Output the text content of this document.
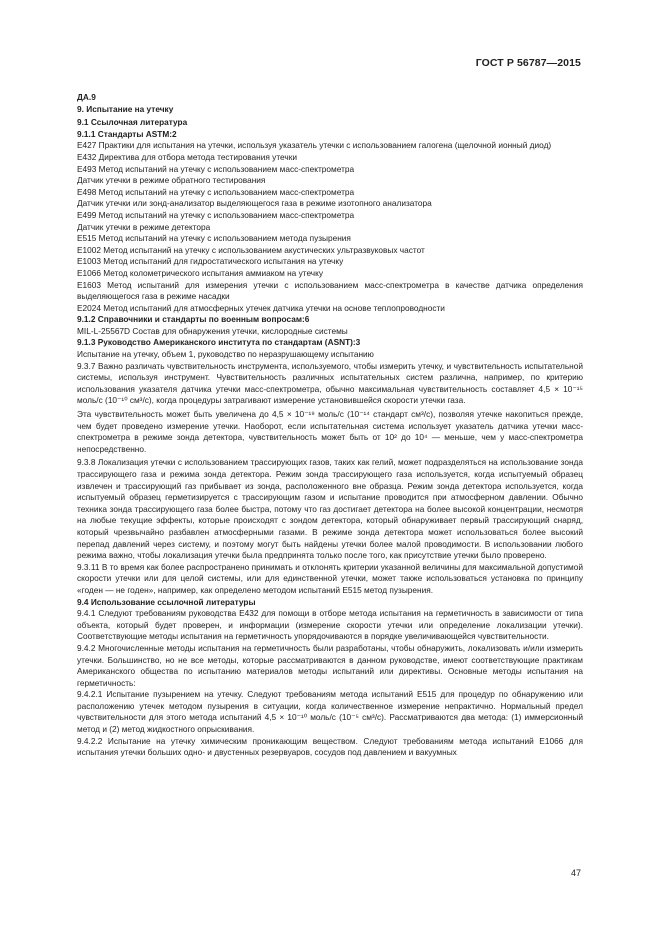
ГОСТ Р 56787—2015

ДА.9

9. Испытание на утечку

9.1 Ссылочная литература

9.1.1 Стандарты ASTM:2

E427 Практики для испытания на утечки, используя указатель утечки с использованием галогена (щелочной ионный диод)

E432 Директива для отбора метода тестирования утечки

E493 Метод испытаний на утечку с использованием масс-спектрометра

Датчик утечки в режиме обратного тестирования

E498 Метод испытаний на утечку с использованием масс-спектрометра

Датчик утечки или зонд-анализатор выделяющегося газа в режиме изотопного анализатора

E499 Метод испытаний на утечку с использованием масс-спектрометра

Датчик утечки в режиме детектора

E515 Метод испытаний на утечку с использованием метода пузырения

E1002 Метод испытаний на утечку с использованием акустических ультразвуковых частот

E1003 Метод испытаний для гидростатического испытания на утечку

E1066 Метод колометрического испытания аммиаком на утечку

E1603 Метод испытаний для измерения утечки с использованием масс-спектрометра в качестве датчика определения выделяющегося газа в режиме насадки

E2024 Метод испытаний для атмосферных утечек датчика утечки на основе теплопроводности

9.1.2 Справочники и стандарты по военным вопросам:6

MIL-L-25567D Состав для обнаружения утечки, кислородные системы

9.1.3 Руководство Американского института по стандартам (ASNT):3

Испытание на утечку, объем 1, руководство по неразрушающему испытанию

9.3.7 Важно различать чувствительность инструмента, используемого, чтобы измерить утечку, и чувствительность испытательной системы, используя инструмент. Чувствительность различных испытательных систем различна, например, по критерию использования указателя датчика утечки масс-спектрометра, обычно максимальная чувствительность составляет 4,5 × 10⁻¹⁵ моль/с (10⁻¹⁰ см³/с), когда процедуры затрагивают измерение установившейся скорости утечки газа.

Эта чувствительность может быть увеличена до 4,5 × 10⁻¹⁹ моль/с (10⁻¹⁴ стандарт см³/с), позволяя утечке накопиться прежде, чем будет проведено измерение утечки. Наоборот, если испытательная система использует указатель датчика утечки масс-спектрометра в режиме зонда детектора, чувствительность может быть от 10² до 10⁴ — меньше, чем у масс-спектрометра непосредственно.

9.3.8 Локализация утечки с использованием трассирующих газов, таких как гелий, может подразделяться на использование зонда трассирующего газа и режима зонда детектора. Режим зонда трассирующего газа используется, когда испытуемый образец извлечен и трассирующий газ прибывает из зонда, расположенного вне образца. Режим зонда детектора используется, когда испытуемый образец герметизируется с трассирующим газом и испытание проводится при атмосферном давлении. Обычно техника зонда трассирующего газа более быстра, потому что газ достигает детектора на более высокой концентрации, несмотря на любые текущие эффекты, которые происходят с зондом детектора, который обнаруживает первый трассирующий снаряд, который чрезвычайно разбавлен атмосферными газами. В режиме зонда детектора может использоваться более высокий перепад давлений через систему, и поэтому могут быть найдены утечки более малой проводимости. В использовании любого режима важно, чтобы локализация утечки была предпринята только после того, как присутствие утечки было проверено.

9.3.11 В то время как более распространено принимать и отклонять критерии указанной величины для максимальной допустимой скорости утечки или для целой системы, или для единственной утечки, может также использоваться установка по принципу «годен — не годен», например, как определено методом испытаний E515 метод пузырения.

9.4 Использование ссылочной литературы

9.4.1 Следуют требованиям руководства E432 для помощи в отборе метода испытания на герметичность в зависимости от типа объекта, который будет проверен, и информации (измерение скорости утечки или определение локализации утечки). Соответствующие методы испытания на герметичность упорядочиваются в порядке увеличивающейся чувствительности.

9.4.2 Многочисленные методы испытания на герметичность были разработаны, чтобы обнаружить, локализовать и/или измерить утечки. Большинство, но не все методы, которые рассматриваются в данном руководстве, имеют соответствующие практикам Американского общества по испытанию материалов методы испытаний или директивы. Основные методы испытания на герметичность:

9.4.2.1 Испытание пузырением на утечку. Следуют требованиям метода испытаний E515 для процедур по обнаружению или расположению утечек методом пузырения в ситуации, когда количественное измерение непрактично. Нормальный предел чувствительности для этого метода испытаний 4,5 × 10⁻¹⁰ моль/с (10⁻⁵ см³/с). Рассматриваются два метода: (1) иммерсионный метод и (2) метод жидкостного опрыскивания.

9.4.2.2 Испытание на утечку химическим проникающим веществом. Следуют требованиям метода испытаний E1066 для испытания утечки больших одно- и двустенных резервуаров, сосудов под давлением и вакуумных

47
